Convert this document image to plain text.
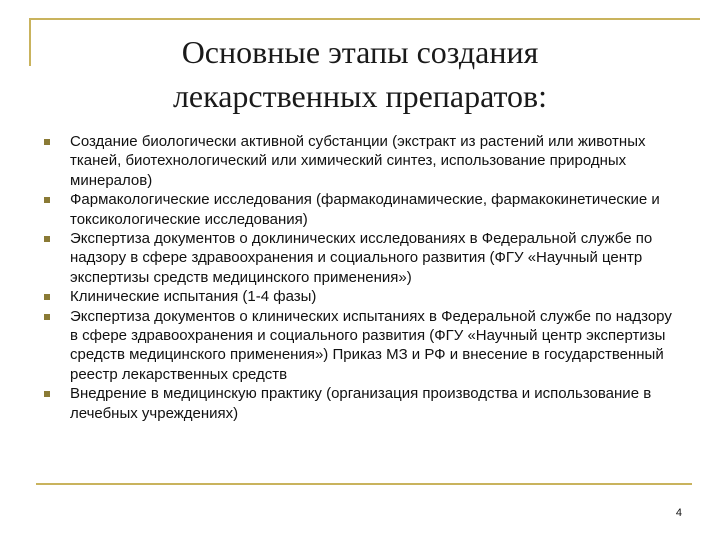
Основные этапы создания
лекарственных препаратов:
Создание биологически активной субстанции (экстракт из растений или животных тканей, биотехнологический или химический синтез, использование природных минералов)
Фармакологические исследования (фармакодинамические, фармакокинетические и токсикологические исследования)
Экспертиза документов о доклинических исследованиях в Федеральной службе по надзору в сфере здравоохранения и социального развития (ФГУ «Научный центр экспертизы средств медицинского применения»)
Клинические испытания (1-4 фазы)
Экспертиза документов о клинических испытаниях в Федеральной службе по надзору в сфере здравоохранения и социального развития (ФГУ «Научный центр экспертизы средств медицинского применения») Приказ МЗ и РФ и внесение в государственный реестр лекарственных средств
Внедрение в медицинскую практику (организация производства и использование в лечебных учреждениях)
4
